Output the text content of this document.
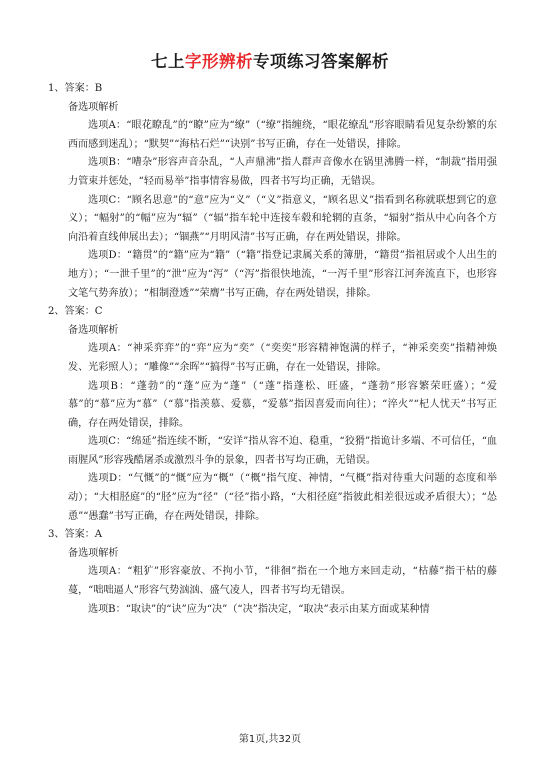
七上字形辨析专项练习答案解析

1、答案：B

备选项解析

选项A：“眼花瞭乱”的“瞭”应为“缭”（“缭”指缠绕，“眼花缭乱”形容眼睛看见复杂纷繁的东西而感到迷乱）；“默契”“海枯石烂”“诀别”书写正确，存在一处错误，排除。

选项B：“嘈杂”形容声音杂乱，“人声鼎沸”指人群声音像水在锅里沸腾一样，“制裁”指用强力管束并惩处，“轻而易举”指事情容易做，四者书写均正确，无错误。

选项C：“顾名思意”的“意”应为“义”（“义”指意义，“顾名思义”指看到名称就联想到它的意义）；“幅射”的“幅”应为“辐”（“辐”指车轮中连接车毂和轮辋的直条，“辐射”指从中心向各个方向沿着直线伸展出去）；“锢燕”“月明风清”书写正确，存在两处错误，排除。

选项D：“籍贯”的“籍”应为“籍”（“籍”指登记隶属关系的簿册，“籍贯”指祖居或个人出生的地方）；“一泄千里”的“泄”应为“泻”（“泻”指很快地流，“一泻千里”形容江河奔流直下，也形容文笔气势奔放）；“相制澄透”“荣膺”书写正确，存在两处错误，排除。

2、答案：C

备选项解析

选项A：“神采弈弈”的“弈”应为“奕”（“奕奕”形容精神饱满的样子，“神采奕奕”指精神焕发、光彩照人）；“雕像”“余晖”“搞得”书写正确，存在一处错误，排除。

选项B：“蓬勃”的“蓬”应为“蓬”（“蓬”指蓬松、旺盛，“蓬勃”形容繁荣旺盛）；“爱慕”的“慕”应为“慕”（“慕”指羡慕、爱慕，“爱慕”指因喜爱而向往）；“淬火”“杞人忧天”书写正确，存在两处错误，排除。

选项C：“绵延”指连续不断，“安详”指从容不迫、稳重，“狡猾”指诡计多端、不可信任，“血雨腥风”形容残酷屠杀或激烈斗争的景象，四者书写均正确，无错误。

选项D：“气慨”的“慨”应为“概”（“概”指气度、神情，“气概”指对待重大问题的态度和举动）；“大相胫庭”的“胫”应为“径”（“径”指小路，“大相径庭”指彼此相差很远或矛盾很大）；“怂恿”“愚蠢”书写正确，存在两处错误，排除。

3、答案：A

备选项解析

选项A：“粗犷”形容豪放、不拘小节，“徘徊”指在一个地方来回走动，“枯藤”指干枯的藤蔓，“咄咄逼人”形容气势汹汹、盛气凌人，四者书写均无错误。

选项B：“取诀”的“诀”应为“决”（“决”指决定，“取决”表示由某方面或某种情

第1页,共32页
